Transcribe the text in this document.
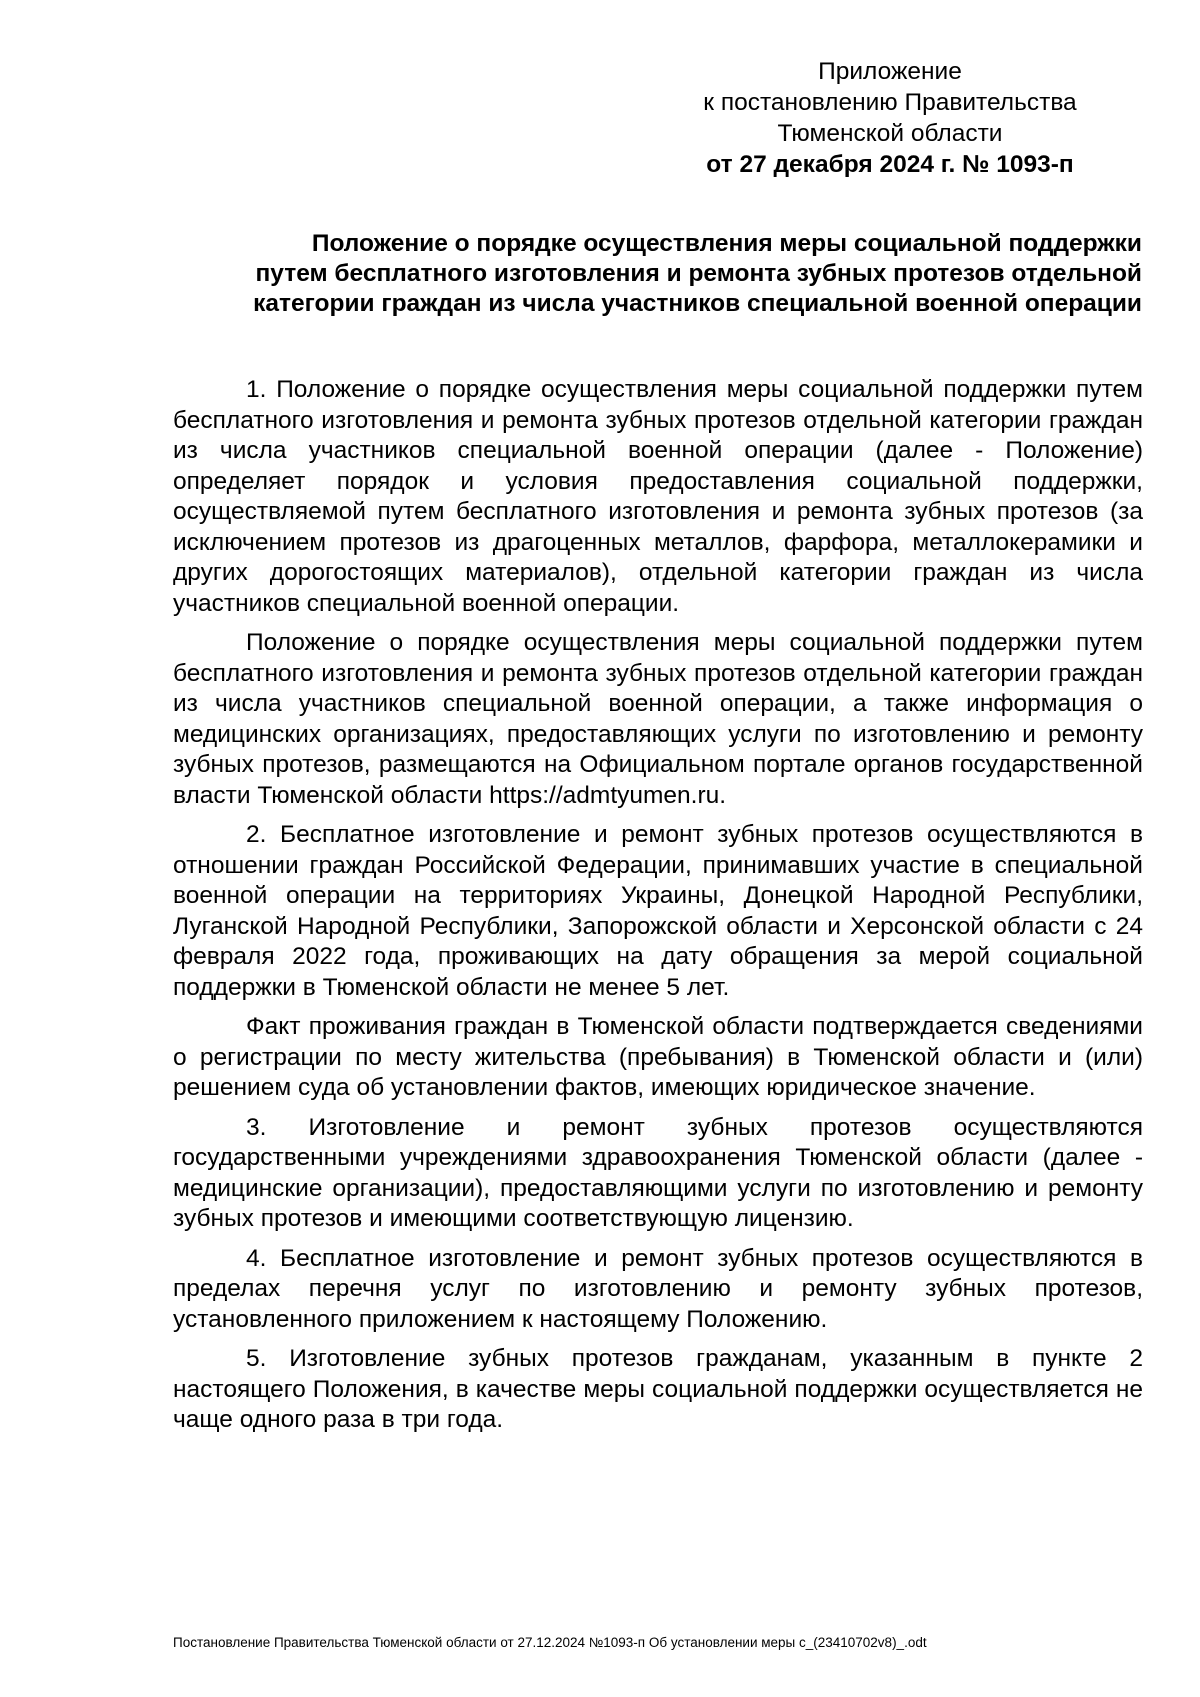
Приложение
к постановлению Правительства
Тюменской области
от 27 декабря 2024 г. № 1093-п
Положение о порядке осуществления меры социальной поддержки
путем бесплатного изготовления и ремонта зубных протезов отдельной
категории граждан из числа участников специальной военной операции

1. Положение о порядке осуществления меры социальной поддержки путем бесплатного изготовления и ремонта зубных протезов отдельной категории граждан из числа участников специальной военной операции (далее - Положение) определяет порядок и условия предоставления социальной поддержки, осуществляемой путем бесплатного изготовления и ремонта зубных протезов (за исключением протезов из драгоценных металлов, фарфора, металлокерамики и других дорогостоящих материалов), отдельной категории граждан из числа участников специальной военной операции.

Положение о порядке осуществления меры социальной поддержки путем бесплатного изготовления и ремонта зубных протезов отдельной категории граждан из числа участников специальной военной операции, а также информация о медицинских организациях, предоставляющих услуги по изготовлению и ремонту зубных протезов, размещаются на Официальном портале органов государственной власти Тюменской области https://admtyumen.ru.

2. Бесплатное изготовление и ремонт зубных протезов осуществляются в отношении граждан Российской Федерации, принимавших участие в специальной военной операции на территориях Украины, Донецкой Народной Республики, Луганской Народной Республики, Запорожской области и Херсонской области с 24 февраля 2022 года, проживающих на дату обращения за мерой социальной поддержки в Тюменской области не менее 5 лет.

Факт проживания граждан в Тюменской области подтверждается сведениями о регистрации по месту жительства (пребывания) в Тюменской области и (или) решением суда об установлении фактов, имеющих юридическое значение.

3. Изготовление и ремонт зубных протезов осуществляются государственными учреждениями здравоохранения Тюменской области (далее - медицинские организации), предоставляющими услуги по изготовлению и ремонту зубных протезов и имеющими соответствующую лицензию.

4. Бесплатное изготовление и ремонт зубных протезов осуществляются в пределах перечня услуг по изготовлению и ремонту зубных протезов, установленного приложением к настоящему Положению.

5. Изготовление зубных протезов гражданам, указанным в пункте 2 настоящего Положения, в качестве меры социальной поддержки осуществляется не чаще одного раза в три года.

Постановление Правительства Тюменской области от 27.12.2024 №1093-п Об установлении меры с_(23410702v8)_.odt
